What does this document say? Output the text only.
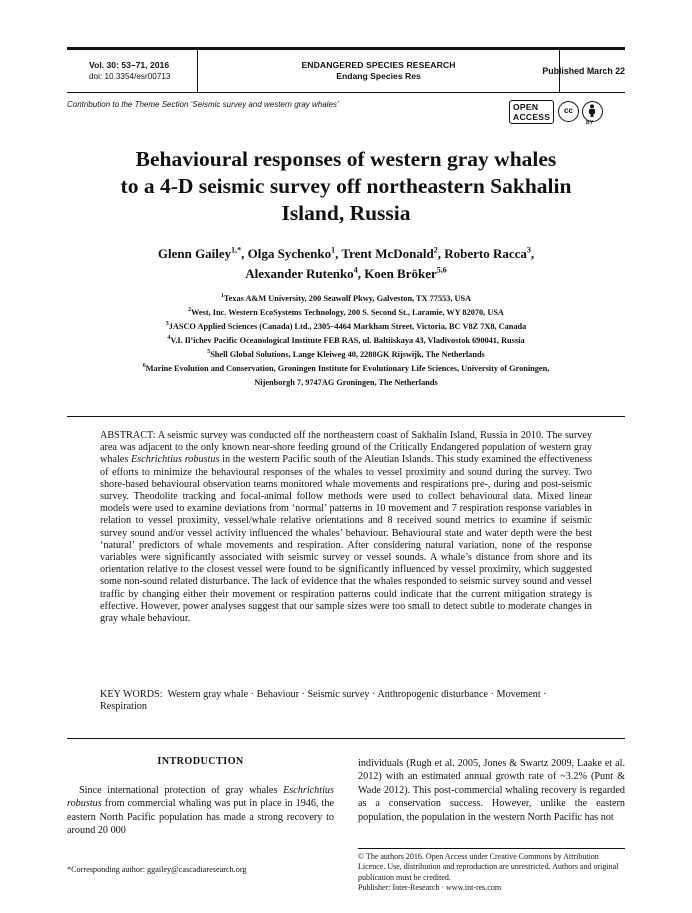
Vol. 30: 53–71, 2016
doi: 10.3354/esr00713
ENDANGERED SPECIES RESEARCH
Endang Species Res	Published March 22
Contribution to the Theme Section ‘Seismic survey and western gray whales’	OPEN
ACCESS
cc
BY
Behavioural responses of western gray whales
to a 4-D seismic survey off northeastern Sakhalin
Island, Russia
Glenn Gailey$^{1,*}$, Olga Sychenko$^1$, Trent McDonald$^2$, Roberto Racca$^3$,
Alexander Rutenko$^4$, Koen Bröker$^{5,6}$
$^1$Texas A&M University, 200 Seawolf Pkwy, Galveston, TX 77553, USA
$^2$West, Inc. Western EcoSystems Technology, 200 S. Second St., Laramie, WY 82070, USA
$^3$JASCO Applied Sciences (Canada) Ltd., 2305–4464 Markham Street, Victoria, BC V8Z 7X8, Canada
$^4$V.I. Il’ichev Pacific Oceanological Institute FEB RAS, ul. Baltiiskaya 43, Vladivostok 690041, Russia
$^5$Shell Global Solutions, Lange Kleiweg 40, 2288GK Rijswijk, The Netherlands
$^6$Marine Evolution and Conservation, Groningen Institute for Evolutionary Life Sciences, University of Groningen,
Nijenborgh 7, 9747AG Groningen, The Netherlands
ABSTRACT: A seismic survey was conducted off the northeastern coast of Sakhalin Island, Russia in 2010. The survey area was adjacent to the only known near-shore feeding ground of the Critically Endangered population of western gray whales Eschrichtius robustus in the western Pacific south of the Aleutian Islands. This study examined the effectiveness of efforts to minimize the behavioural responses of the whales to vessel proximity and sound during the survey. Two shore-based behavioural observation teams monitored whale movements and respirations pre-, during and post-seismic survey. Theodolite tracking and focal-animal follow methods were used to collect behavioural data. Mixed linear models were used to examine deviations from ‘normal’ patterns in 10 movement and 7 respiration response variables in relation to vessel proximity, vessel/whale relative orientations and 8 received sound metrics to examine if seismic survey sound and/or vessel activity influenced the whales’ behaviour. Behavioural state and water depth were the best ‘natural’ predictors of whale movements and respiration. After considering natural variation, none of the response variables were significantly associated with seismic survey or vessel sounds. A whale’s distance from shore and its orientation relative to the closest vessel were found to be significantly influenced by vessel proximity, which suggested some non-sound related disturbance. The lack of evidence that the whales responded to seismic survey sound and vessel traffic by changing either their movement or respiration patterns could indicate that the current mitigation strategy is effective. However, power analyses suggest that our sample sizes were too small to detect subtle to moderate changes in gray whale behaviour.
KEY WORDS: Western gray whale · Behaviour · Seismic survey · Anthropogenic disturbance · Movement · Respiration
INTRODUCTION
Since international protection of gray whales Eschrichtius robustus from commercial whaling was put in place in 1946, the eastern North Pacific population has made a strong recovery to around 20 000
individuals (Rugh et al. 2005, Jones & Swartz 2009, Laake et al. 2012) with an estimated annual growth rate of ~3.2% (Punt & Wade 2012). This post-commercial whaling recovery is regarded as a conservation success. However, unlike the eastern population, the population in the western North Pacific has not
*Corresponding author: ggailey@cascadiaresearch.org
© The authors 2016. Open Access under Creative Commons by Attribution Licence. Use, distribution and reproduction are unrestricted. Authors and original publication must be credited.
Publisher: Inter-Research · www.int-res.com
